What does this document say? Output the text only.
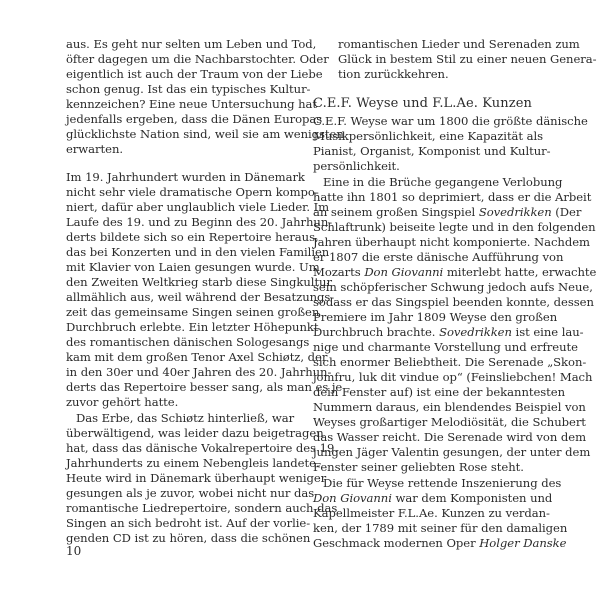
aus. Es geht nur selten um Leben und Tod,
öfter dagegen um die Nachbarstochter. Oder
eigentlich ist auch der Traum von der Liebe
schon genug. Ist das ein typisches Kultur-
kennzeichen? Eine neue Untersuchung hat
jedenfalls ergeben, dass die Dänen Europas
glücklichste Nation sind, weil sie am wenigsten
erwarten.
Im 19. Jahrhundert wurden in Dänemark
nicht sehr viele dramatische Opern kompo-
niert, dafür aber unglaublich viele Lieder. Im
Laufe des 19. und zu Beginn des 20. Jahrhun-
derts bildete sich so ein Repertoire heraus,
das bei Konzerten und in den vielen Familien
mit Klavier von Laien gesungen wurde. Um
den Zweiten Weltkrieg starb diese Singkultur
allmählich aus, weil während der Besatzungs-
zeit das gemeinsame Singen seinen großen
Durchbruch erlebte. Ein letzter Höhepunkt
des romantischen dänischen Sologesangs
kam mit dem großen Tenor Axel Schiøtz, der
in den 30er und 40er Jahren des 20. Jahrhun-
derts das Repertoire besser sang, als man es je
zuvor gehört hatte.
Das Erbe, das Schiøtz hinterließ, war
überwältigend, was leider dazu beigetragen
hat, dass das dänische Vokalrepertoire des 19.
Jahrhunderts zu einem Nebengleis landete.
Heute wird in Dänemark überhaupt weniger
gesungen als je zuvor, wobei nicht nur das
romantische Liedrepertoire, sondern auch das
Singen an sich bedroht ist. Auf der vorlie-
genden CD ist zu hören, dass die schönen
romantischen Lieder und Serenaden zum
Glück in bestem Stil zu einer neuen Genera-
tion zurückkehren.
C.E.F. Weyse und F.L.Ae. Kunzen
C.E.F. Weyse war um 1800 die größte dänische
Musikpersönlichkeit, eine Kapazität als
Pianist, Organist, Komponist und Kultur-
persönlichkeit.
Eine in die Brüche gegangene Verlobung
hatte ihn 1801 so deprimiert, dass er die Arbeit
an seinem großen Singspiel Sovedrikken (Der
Schlaftrunk) beiseite legte und in den folgenden
Jahren überhaupt nicht komponierte. Nachdem
er 1807 die erste dänische Aufführung von
Mozarts Don Giovanni miterlebt hatte, erwachte
sein schöpferischer Schwung jedoch aufs Neue,
sodass er das Singspiel beenden konnte, dessen
Premiere im Jahr 1809 Weyse den großen
Durchbruch brachte. Sovedrikken ist eine lau-
nige und charmante Vorstellung und erfreute
sich enormer Beliebtheit. Die Serenade „Skon-
jomfru, luk dit vindue op“ (Feinsliebchen! Mach
dein Fenster auf) ist eine der bekanntesten
Nummern daraus, ein blendendes Beispiel von
Weyses großartiger Melodiösität, die Schubert
das Wasser reicht. Die Serenade wird von dem
jungen Jäger Valentin gesungen, der unter dem
Fenster seiner geliebten Rose steht.
Die für Weyse rettende Inszenierung des
Don Giovanni war dem Komponisten und
Kapellmeister F.L.Ae. Kunzen zu verdan-
ken, der 1789 mit seiner für den damaligen
Geschmack modernen Oper Holger Danske
10
